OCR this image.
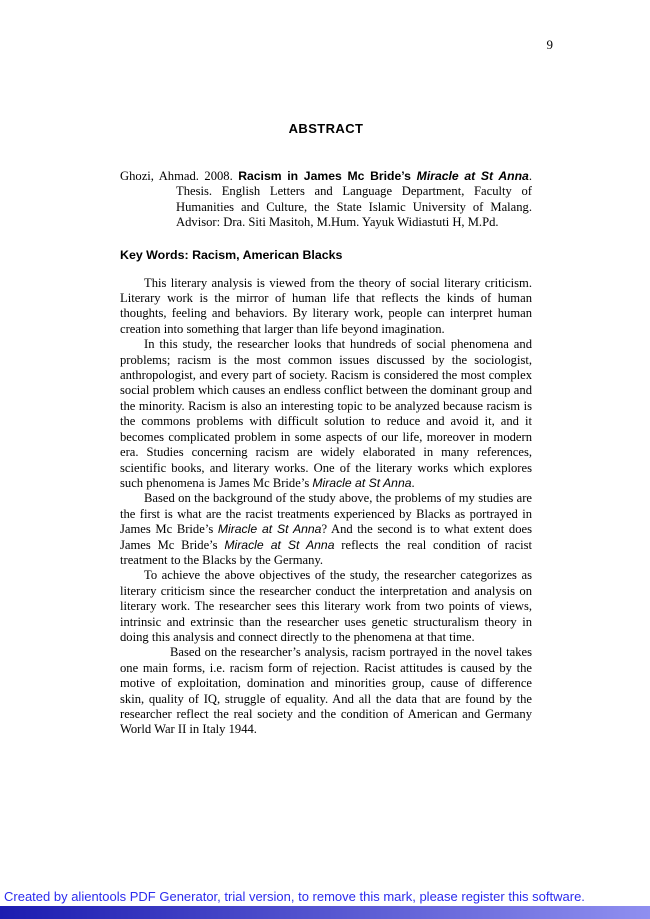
9
ABSTRACT

Ghozi, Ahmad. 2008. Racism in James Mc Bride’s Miracle at St Anna. Thesis. English Letters and Language Department, Faculty of Humanities and Culture, the State Islamic University of Malang. Advisor: Dra. Siti Masitoh, M.Hum. Yayuk Widiastuti H, M.Pd.

Key Words: Racism, American Blacks

This literary analysis is viewed from the theory of social literary criticism. Literary work is the mirror of human life that reflects the kinds of human thoughts, feeling and behaviors. By literary work, people can interpret human creation into something that larger than life beyond imagination.

In this study, the researcher looks that hundreds of social phenomena and problems; racism is the most common issues discussed by the sociologist, anthropologist, and every part of society. Racism is considered the most complex social problem which causes an endless conflict between the dominant group and the minority. Racism is also an interesting topic to be analyzed because racism is the commons problems with difficult solution to reduce and avoid it, and it becomes complicated problem in some aspects of our life, moreover in modern era. Studies concerning racism are widely elaborated in many references, scientific books, and literary works. One of the literary works which explores such phenomena is James Mc Bride’s Miracle at St Anna.

Based on the background of the study above, the problems of my studies are the first is what are the racist treatments experienced by Blacks as portrayed in James Mc Bride’s Miracle at St Anna? And the second is to what extent does James Mc Bride’s Miracle at St Anna reflects the real condition of racist treatment to the Blacks by the Germany.

To achieve the above objectives of the study, the researcher categorizes as literary criticism since the researcher conduct the interpretation and analysis on literary work. The researcher sees this literary work from two points of views, intrinsic and extrinsic than the researcher uses genetic structuralism theory in doing this analysis and connect directly to the phenomena at that time.

Based on the researcher’s analysis, racism portrayed in the novel takes one main forms, i.e. racism form of rejection. Racist attitudes is caused by the motive of exploitation, domination and minorities group, cause of difference skin, quality of IQ, struggle of equality. And all the data that are found by the researcher reflect the real society and the condition of American and Germany World War II in Italy 1944.

Created by alientools PDF Generator, trial version, to remove this mark, please register this software.
